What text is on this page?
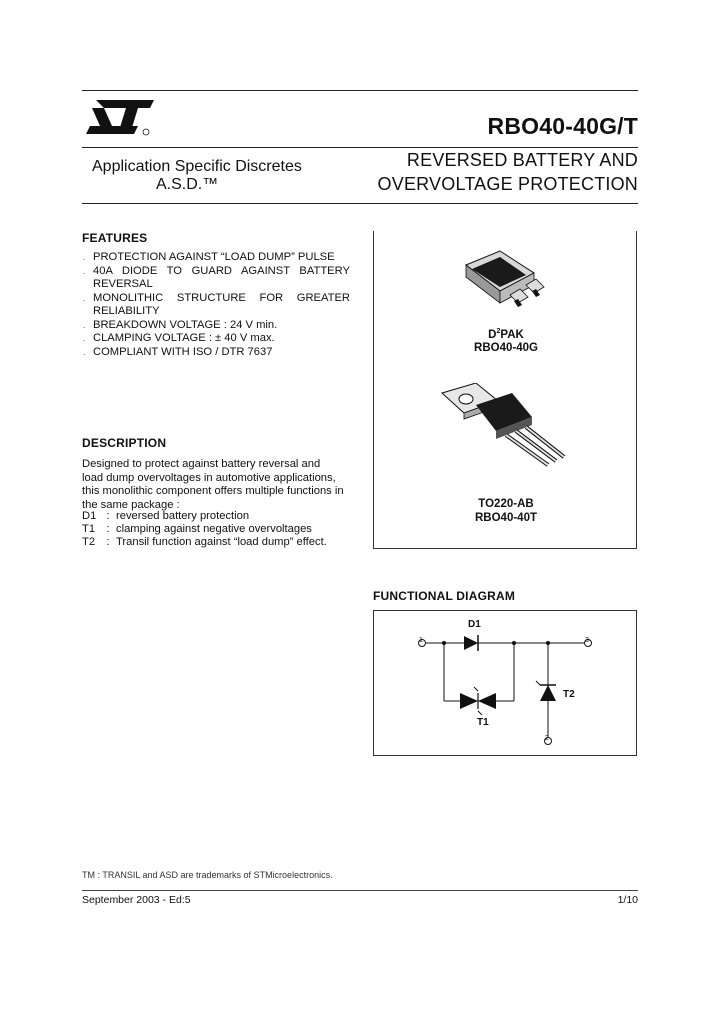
RBO40-40G/T
Application Specific Discretes
A.S.D.™
REVERSED BATTERY AND
OVERVOLTAGE PROTECTION
FEATURES
. PROTECTION AGAINST “LOAD DUMP” PULSE
. 40A DIODE TO GUARD AGAINST BATTERY REVERSAL
. MONOLITHIC STRUCTURE FOR GREATER RELIABILITY
. BREAKDOWN VOLTAGE : 24 V min.
. CLAMPING VOLTAGE : ± 40 V max.
. COMPLIANT WITH ISO / DTR 7637
DESCRIPTION
Designed to protect against battery reversal and load dump overvoltages in automotive applications, this monolithic component offers multiple functions in the same package :
D1 : reversed battery protection
T1 : clamping against negative overvoltages
T2 : Transil function against “load dump” effect.
$D^2PAK$
RBO40-40G
TO220-AB
RBO40-40T
FUNCTIONAL DIAGRAM
D1
T1
T2
1	3
2
TM : TRANSIL and ASD are trademarks of STMicroelectronics.
September 2003 - Ed:5	1/10
